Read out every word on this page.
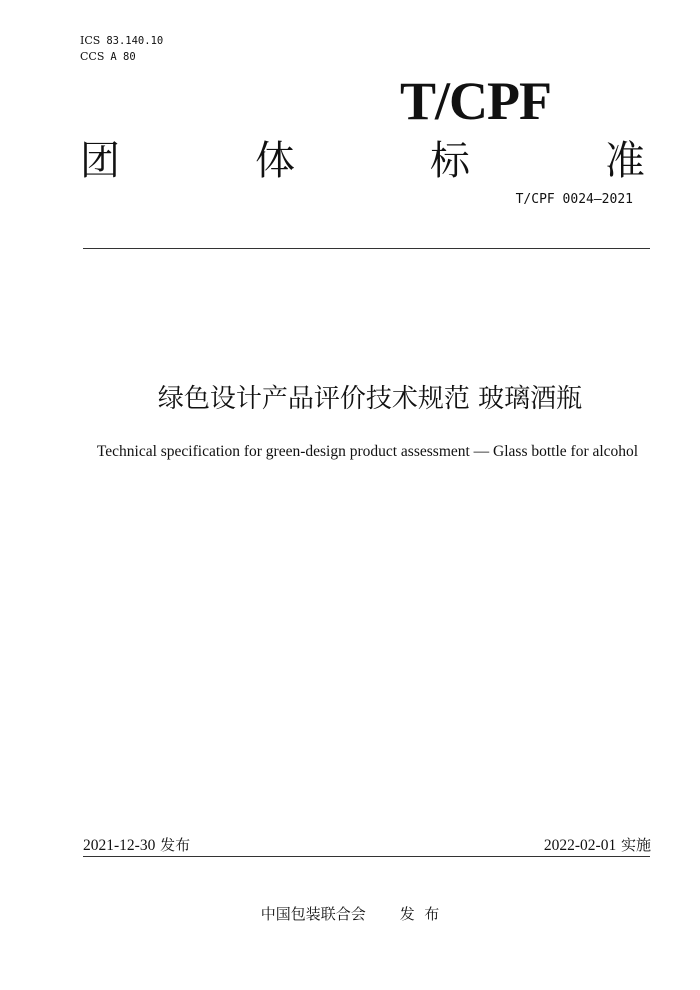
ICS 83.140.10
CCS A 80
T/CPF
团	体	标	准
T/CPF 0024—2021
绿色设计产品评价技术规范 玻璃酒瓶
Technical specification for green-design product assessment — Glass bottle for alcohol
2021-12-30 发布	2022-02-01 实施
中国包装联合会 发  布
